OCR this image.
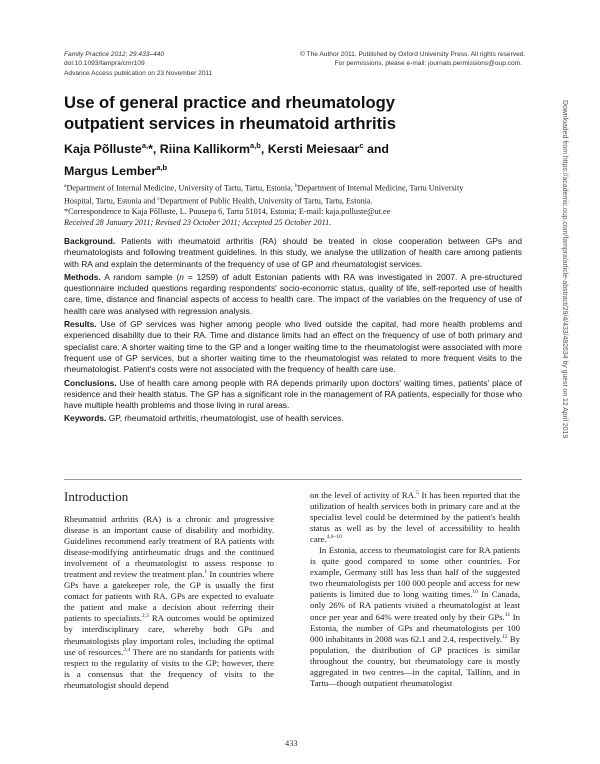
Family Practice 2012; 29:433–440
doi:10.1093/fampra/cmr109
Advance Access publication on 23 November 2011
© The Author 2011. Published by Oxford University Press. All rights reserved.
For permissions, please e-mail: journals.permissions@oup.com.
Use of general practice and rheumatology
outpatient services in rheumatoid arthritis
Kaja Põlluste$^{a,}$*, Riina Kallikorm$^{a,b}$, Kersti Meiesaar$^c$ and
Margus Lember$^{a,b}$
$^a$Department of Internal Medicine, University of Tartu, Tartu, Estonia, $^b$Department of Internal Medicine, Tartu University
Hospital, Tartu, Estonia and $^c$Department of Public Health, University of Tartu, Tartu, Estonia.
*Correspondence to Kaja Põlluste, L. Puusepa 6, Tartu 51014, Estonia; E-mail: kaja.polluste@ut.ee
Received 28 January 2011; Revised 23 October 2011; Accepted 25 October 2011.

Background. Patients with rheumatoid arthritis (RA) should be treated in close cooperation between GPs and rheumatologists and following treatment guidelines. In this study, we analyse the utilization of health care among patients with RA and explain the determinants of the frequency of use of GP and rheumatologist services.

Methods. A random sample (n = 1259) of adult Estonian patients with RA was investigated in 2007. A pre-structured questionnaire included questions regarding respondents' socio-economic status, quality of life, self-reported use of health care, time, distance and financial aspects of access to health care. The impact of the variables on the frequency of use of health care was analysed with regression analysis.

Results. Use of GP services was higher among people who lived outside the capital, had more health problems and experienced disability due to their RA. Time and distance limits had an effect on the frequency of use of both primary and specialist care. A shorter waiting time to the GP and a longer waiting time to the rheumatologist were associated with more frequent use of GP services, but a shorter waiting time to the rheumatologist was related to more frequent visits to the rheumatologist. Patient's costs were not associated with the frequency of health care use.

Conclusions. Use of health care among people with RA depends primarily upon doctors' waiting times, patients' place of residence and their health status. The GP has a significant role in the management of RA patients, especially for those who have multiple health problems and those living in rural areas.

Keywords. GP, rheumatoid arthritis, rheumatologist, use of health services.

Introduction

Rheumatoid arthritis (RA) is a chronic and progressive disease is an important cause of disability and morbidity. Guidelines recommend early treatment of RA patients with disease-modifying antirheumatic drugs and the continued involvement of a rheumatologist to assess response to treatment and review the treatment plan.$^1$ In countries where GPs have a gatekeeper role, the GP is usually the first contact for patients with RA. GPs are expected to evaluate the patient and make a decision about referring their patients to specialists.$^{2,3}$ RA outcomes would be optimized by interdisciplinary care, whereby both GPs and rheumatologists play important roles, including the optimal use of resources.$^{2,4}$ There are no standards for patients with respect to the regularity of visits to the GP; however, there is a consensus that the frequency of visits to the rheumatologist should depend

on the level of activity of RA.$^5$ It has been reported that the utilization of health services both in primary care and at the specialist level could be determined by the patient's health status as well as by the level of accessibility to health care.$^{4,6-10}$

In Estonia, access to rheumatologist care for RA patients is quite good compared to some other countries. For example, Germany still has less than half of the suggested two rheumatologists per 100 000 people and access for new patients is limited due to long waiting times.$^{10}$ In Canada, only 26% of RA patients visited a rheumatologist at least once per year and 64% were treated only by their GPs.$^{11}$ In Estonia, the number of GPs and rheumatologists per 100 000 inhabitants in 2008 was 62.1 and 2.4, respectively.$^{12}$ By population, the distribution of GP practices is similar throughout the country, but rheumatology care is mostly aggregated in two centres—in the capital, Tallinn, and in Tartu—though outpatient rheumatologist

433
Downloaded from https://academic.oup.com/fampra/article-abstract/29/4/433/482634 by guest on 12 April 2019
